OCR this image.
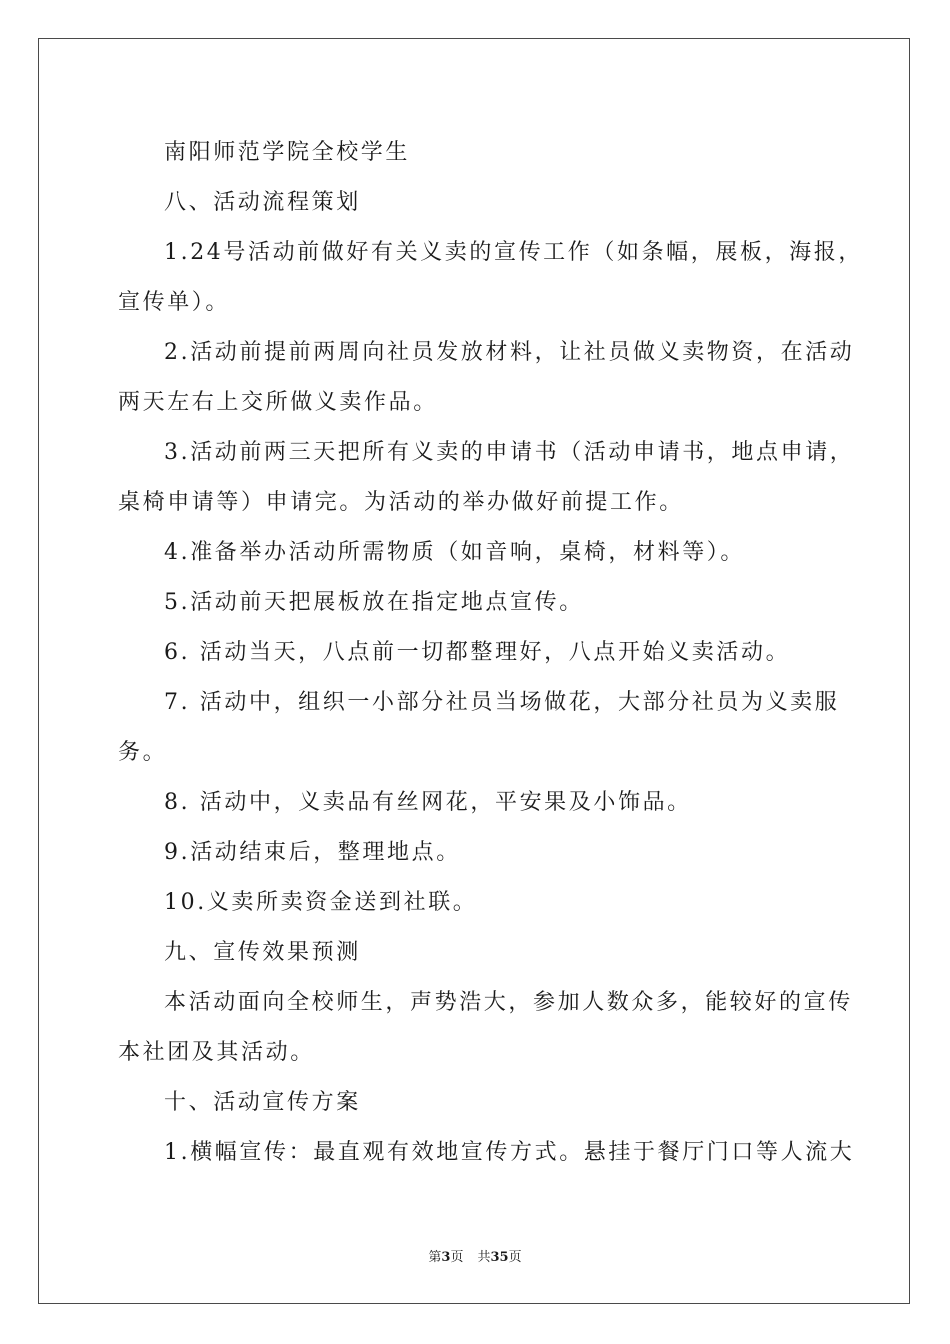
南阳师范学院全校学生
八、活动流程策划
1.24号活动前做好有关义卖的宣传工作（如条幅，展板，海报，
宣传单）。
2.活动前提前两周向社员发放材料，让社员做义卖物资，在活动
两天左右上交所做义卖作品。
3.活动前两三天把所有义卖的申请书（活动申请书，地点申请，
桌椅申请等）申请完。为活动的举办做好前提工作。
4.准备举办活动所需物质（如音响，桌椅，材料等）。
5.活动前天把展板放在指定地点宣传。
6. 活动当天，八点前一切都整理好，八点开始义卖活动。
7. 活动中，组织一小部分社员当场做花，大部分社员为义卖服
务。
8. 活动中，义卖品有丝网花，平安果及小饰品。
9.活动结束后，整理地点。
10.义卖所卖资金送到社联。
九、宣传效果预测
本活动面向全校师生，声势浩大，参加人数众多，能较好的宣传
本社团及其活动。
十、活动宣传方案
1.横幅宣传：最直观有效地宣传方式。悬挂于餐厅门口等人流大
第3页 共35页
